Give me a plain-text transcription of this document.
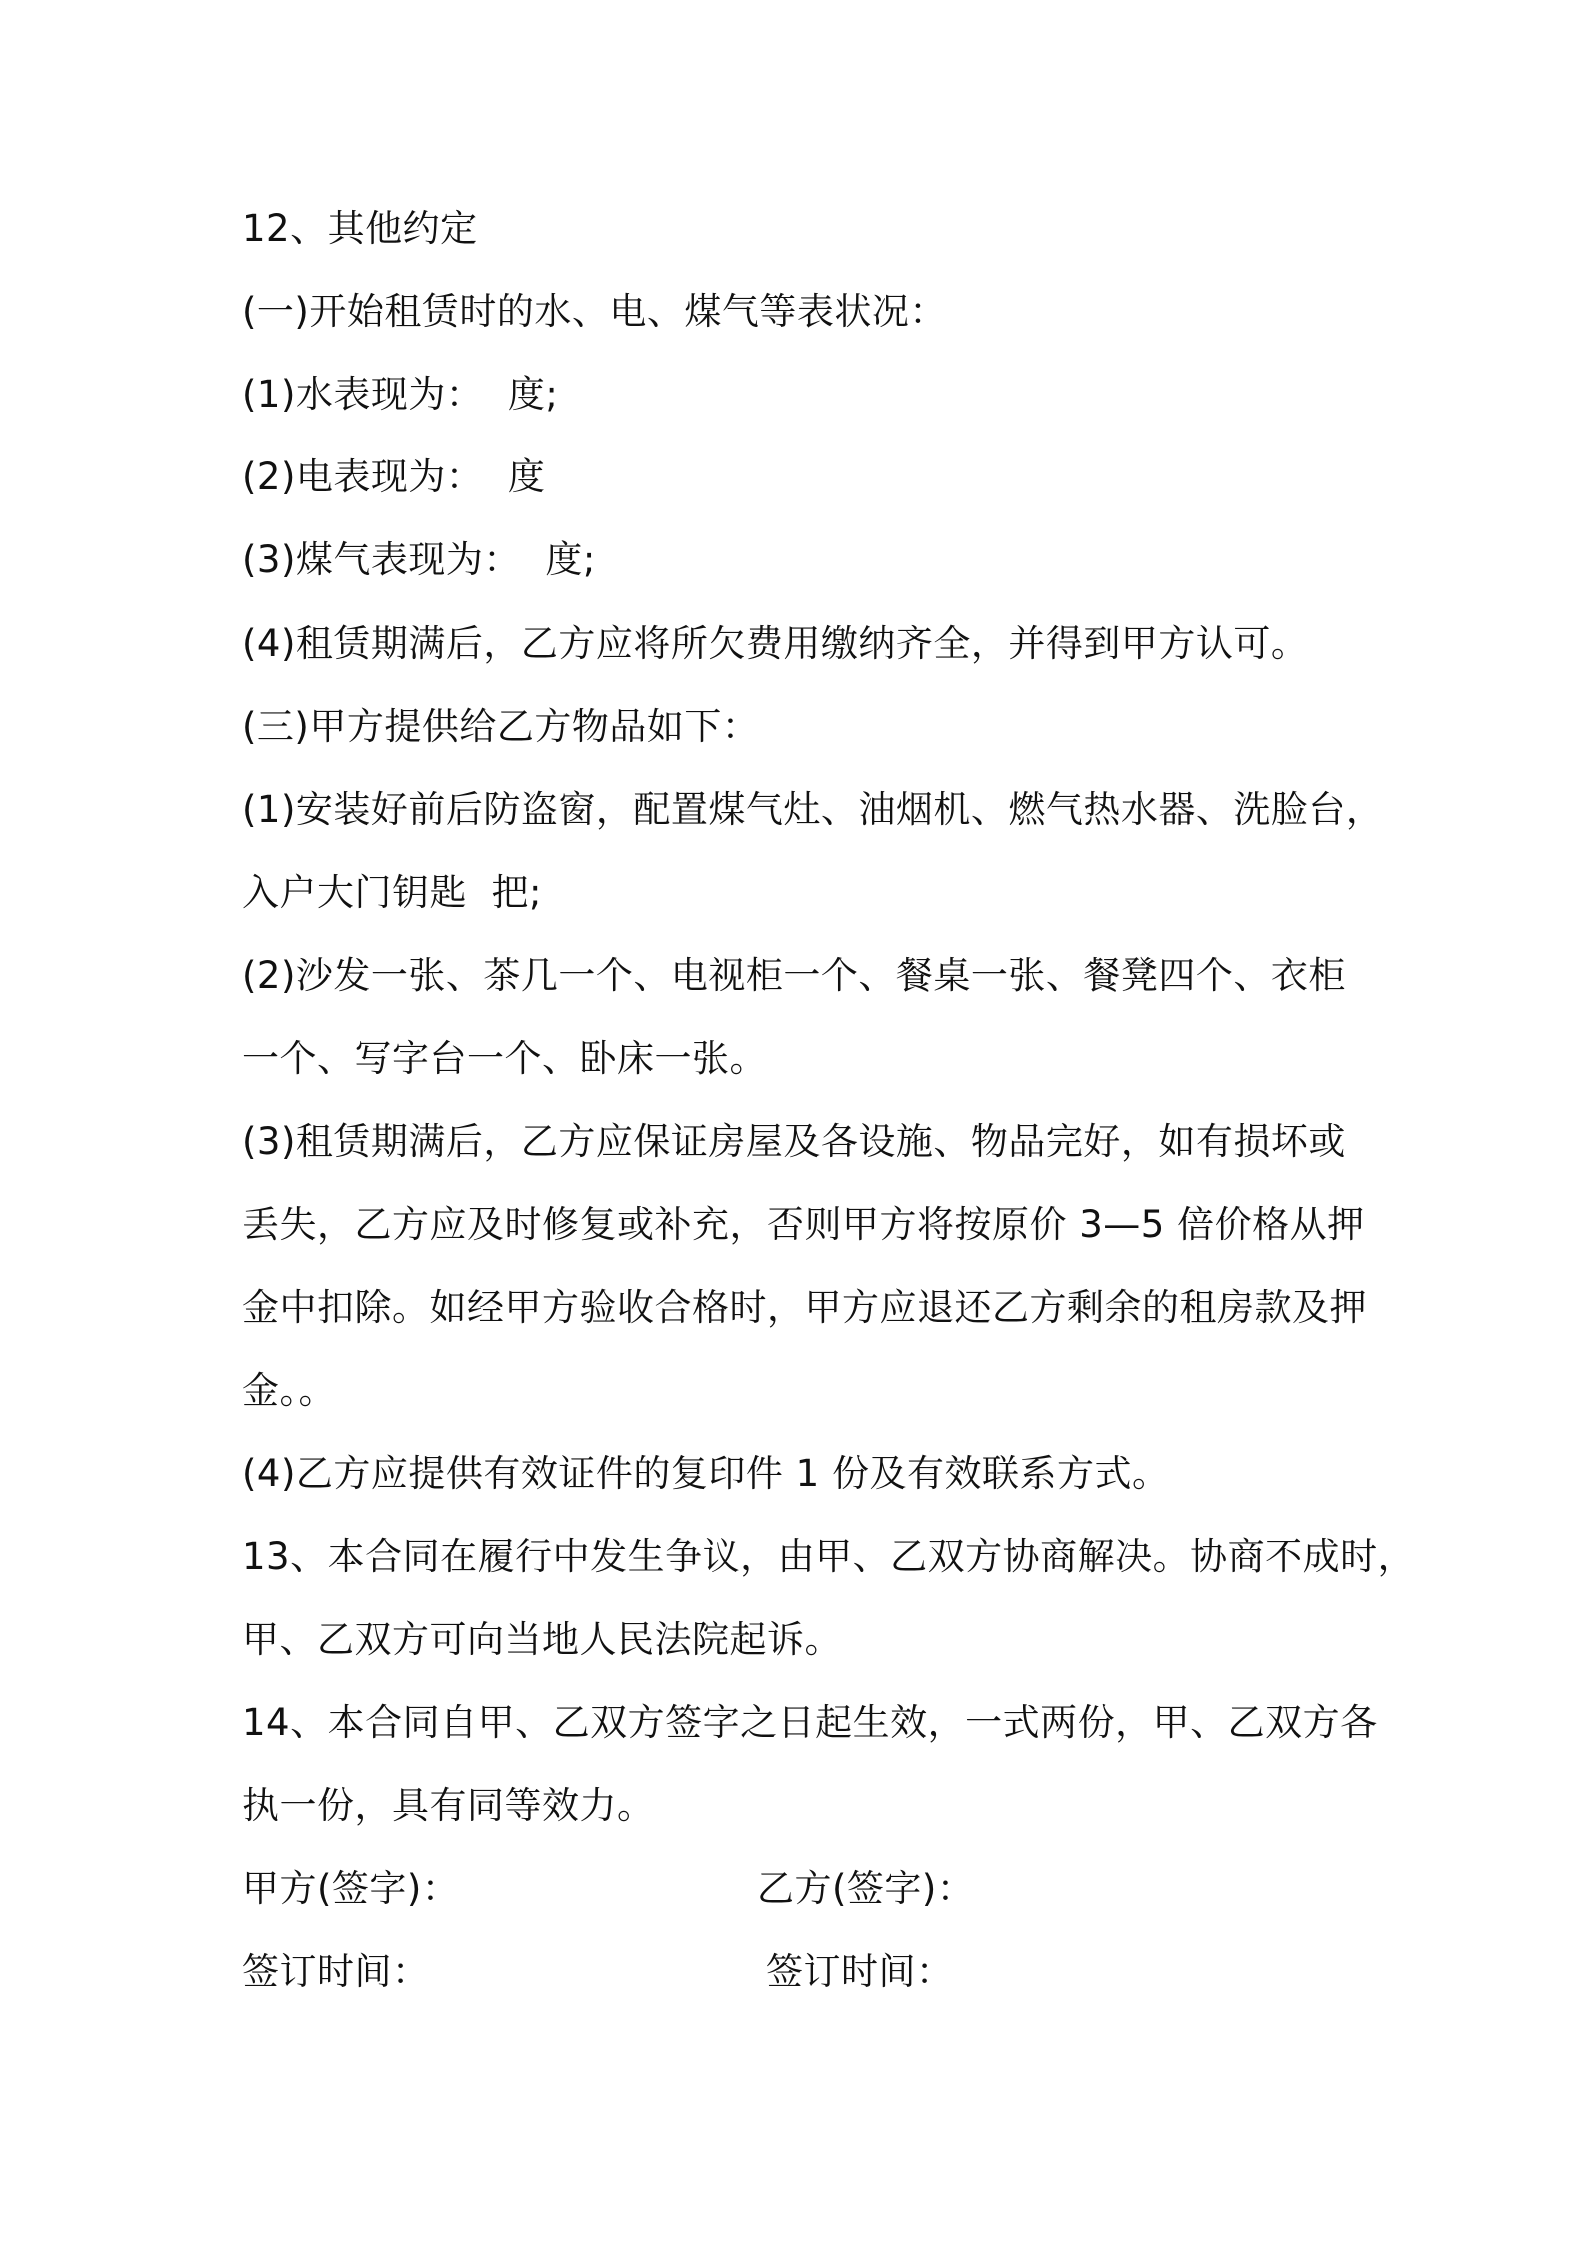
12、其他约定
(一)开始租赁时的水、电、煤气等表状况：
(1)水表现为：  度;
(2)电表现为：  度
(3)煤气表现为：  度;
(4)租赁期满后，乙方应将所欠费用缴纳齐全，并得到甲方认可。
(三)甲方提供给乙方物品如下：
(1)安装好前后防盗窗，配置煤气灶、油烟机、燃气热水器、洗脸台，
入户大门钥匙  把;
(2)沙发一张、茶几一个、电视柜一个、餐桌一张、餐凳四个、衣柜
一个、写字台一个、卧床一张。
(3)租赁期满后，乙方应保证房屋及各设施、物品完好，如有损坏或
丢失，乙方应及时修复或补充，否则甲方将按原价 3—5 倍价格从押
金中扣除。如经甲方验收合格时，甲方应退还乙方剩余的租房款及押
金。。
(4)乙方应提供有效证件的复印件 1 份及有效联系方式。
13、本合同在履行中发生争议，由甲、乙双方协商解决。协商不成时，
甲、乙双方可向当地人民法院起诉。
14、本合同自甲、乙双方签字之日起生效，一式两份，甲、乙双方各
执一份，具有同等效力。
甲方(签字)：	乙方(签字)：
签订时间：	签订时间：
